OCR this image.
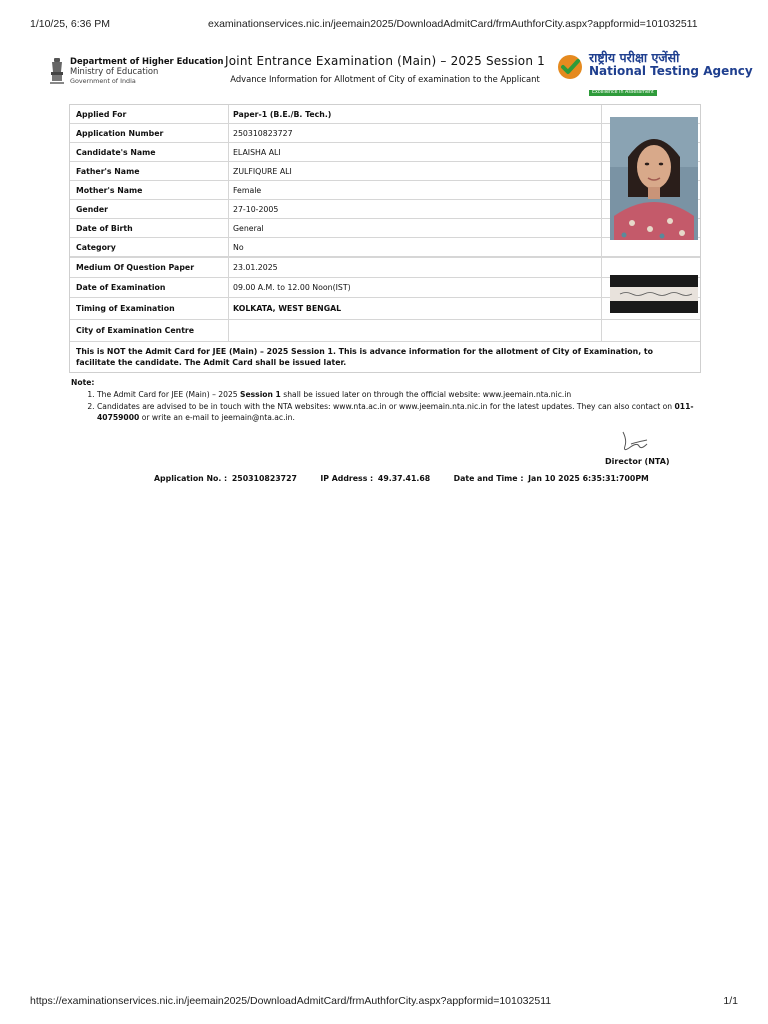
1/10/25, 6:36 PM	examinationservices.nic.in/jeemain2025/DownloadAdmitCard/frmAuthforCity.aspx?appformid=101032511
Department of Higher Education
Ministry of Education
Government of India
Joint Entrance Examination (Main) – 2025 Session 1
Advance Information for Allotment of City of examination to the Applicant
राष्ट्रीय परीक्षा एजेंसी
National Testing Agency
Excellence in Assessment
Applied For	Paper-1 (B.E./B. Tech.)
Application Number	250310823727
Candidate's Name	ELAISHA ALI
Father's Name	ZULFIQURE ALI
Mother's Name	Female
Gender	27-10-2005
Date of Birth	General
Category	No
Medium Of Question Paper	23.01.2025
Date of Examination	09.00 A.M. to 12.00 Noon(IST)
Timing of Examination	KOLKATA, WEST BENGAL
City of Examination Centre
This is NOT the Admit Card for JEE (Main) – 2025 Session 1. This is advance information for the allotment of City of Examination, to facilitate the candidate. The Admit Card shall be issued later.
Note:
1. The Admit Card for JEE (Main) – 2025 Session 1 shall be issued later on through the official website: www.jeemain.nta.nic.in
2. Candidates are advised to be in touch with the NTA websites: www.nta.ac.in or www.jeemain.nta.nic.in for the latest updates. They can also contact on 011-40759000 or write an e-mail to jeemain@nta.ac.in.
Director (NTA)
Application No. : 250310823727	IP Address : 49.37.41.68	Date and Time : Jan 10 2025 6:35:31:700PM
https://examinationservices.nic.in/jeemain2025/DownloadAdmitCard/frmAuthforCity.aspx?appformid=101032511	1/1
